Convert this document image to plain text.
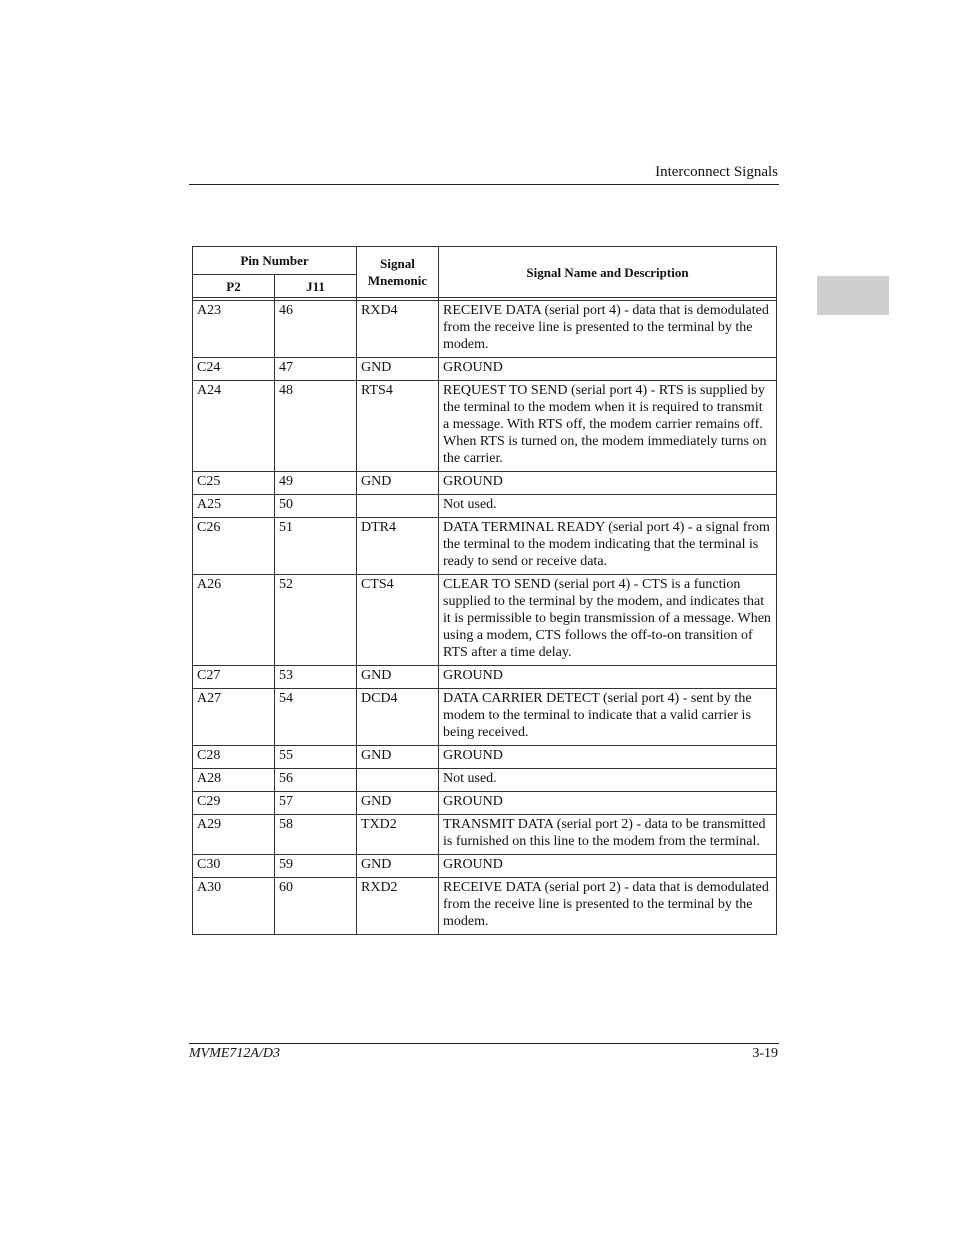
Interconnect Signals
Pin Number		Signal Mnemonic	Signal Name and Description
P2	J11		

A23	46	RXD4	RECEIVE DATA (serial port 4) - data that is demodulated from the receive line is presented to the terminal by the modem.
C24	47	GND	GROUND
A24	48	RTS4	REQUEST TO SEND (serial port 4) - RTS is supplied by the terminal to the modem when it is required to transmit a message. With RTS off, the modem carrier remains off. When RTS is turned on, the modem immediately turns on the carrier.
C25	49	GND	GROUND
A25	50		Not used.
C26	51	DTR4	DATA TERMINAL READY (serial port 4) - a signal from the terminal to the modem indicating that the terminal is ready to send or receive data.
A26	52	CTS4	CLEAR TO SEND (serial port 4) - CTS is a function supplied to the terminal by the modem, and indicates that it is permissible to begin transmission of a message. When using a modem, CTS follows the off-to-on transition of RTS after a time delay.
C27	53	GND	GROUND
A27	54	DCD4	DATA CARRIER DETECT (serial port 4) - sent by the modem to the terminal to indicate that a valid carrier is being received.
C28	55	GND	GROUND
A28	56		Not used.
C29	57	GND	GROUND
A29	58	TXD2	TRANSMIT DATA (serial port 2) - data to be transmitted is furnished on this line to the modem from the terminal.
C30	59	GND	GROUND
A30	60	RXD2	RECEIVE DATA (serial port 2) - data that is demodulated from the receive line is presented to the terminal by the modem.
MVME712A/D3	3-19
